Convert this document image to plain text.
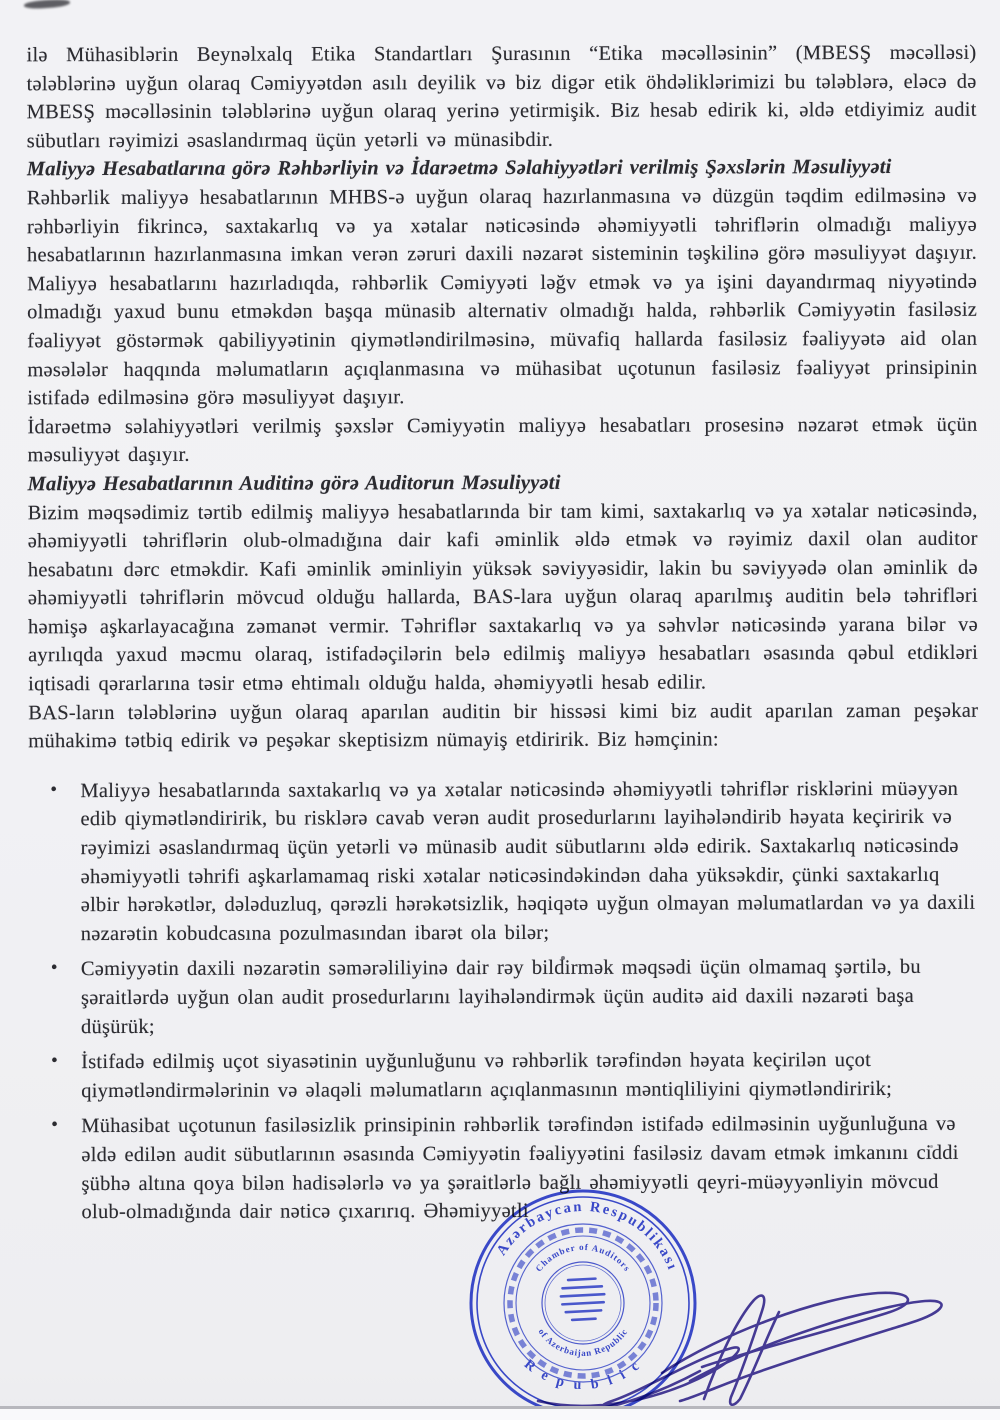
ilə Mühasiblərin Beynəlxalq Etika Standartları Şurasının “Etika məcəlləsinin” (MBESŞ məcəlləsi) tələblərinə uyğun olaraq Cəmiyyətdən asılı deyilik və biz digər etik öhdəliklərimizi bu tələblərə, eləcə də MBESŞ məcəlləsinin tələblərinə uyğun olaraq yerinə yetirmişik. Biz hesab edirik ki, əldə etdiyimiz audit sübutları rəyimizi əsaslandırmaq üçün yetərli və münasibdir.

Maliyyə Hesabatlarına görə Rəhbərliyin və İdarəetmə Səlahiyyətləri verilmiş Şəxslərin Məsuliyyəti

Rəhbərlik maliyyə hesabatlarının MHBS-ə uyğun olaraq hazırlanmasına və düzgün təqdim edilməsinə və rəhbərliyin fikrincə, saxtakarlıq və ya xətalar nəticəsində əhəmiyyətli təhriflərin olmadığı maliyyə hesabatlarının hazırlanmasına imkan verən zəruri daxili nəzarət sisteminin təşkilinə görə məsuliyyət daşıyır. Maliyyə hesabatlarını hazırladıqda, rəhbərlik Cəmiyyəti ləğv etmək və ya işini dayandırmaq niyyətində olmadığı yaxud bunu etməkdən başqa münasib alternativ olmadığı halda, rəhbərlik Cəmiyyətin fasiləsiz fəaliyyət göstərmək qabiliyyətinin qiymətləndirilməsinə, müvafiq hallarda fasiləsiz fəaliyyətə aid olan məsələlər haqqında məlumatların açıqlanmasına və mühasibat uçotunun fasiləsiz fəaliyyət prinsipinin istifadə edilməsinə görə məsuliyyət daşıyır.

İdarəetmə səlahiyyətləri verilmiş şəxslər Cəmiyyətin maliyyə hesabatları prosesinə nəzarət etmək üçün məsuliyyət daşıyır.

Maliyyə Hesabatlarının Auditinə görə Auditorun Məsuliyyəti

Bizim məqsədimiz tərtib edilmiş maliyyə hesabatlarında bir tam kimi, saxtakarlıq və ya xətalar nəticəsində, əhəmiyyətli təhriflərin olub-olmadığına dair kafi əminlik əldə etmək və rəyimiz daxil olan auditor hesabatını dərc etməkdir. Kafi əminlik əminliyin yüksək səviyyəsidir, lakin bu səviyyədə olan əminlik də əhəmiyyətli təhriflərin mövcud olduğu hallarda, BAS-lara uyğun olaraq aparılmış auditin belə təhrifləri həmişə aşkarlayacağına zəmanət vermir. Təhriflər saxtakarlıq və ya səhvlər nəticəsində yarana bilər və ayrılıqda yaxud məcmu olaraq, istifadəçilərin belə edilmiş maliyyə hesabatları əsasında qəbul etdikləri iqtisadi qərarlarına təsir etmə ehtimalı olduğu halda, əhəmiyyətli hesab edilir.

BAS-ların tələblərinə uyğun olaraq aparılan auditin bir hissəsi kimi biz audit aparılan zaman peşəkar mühakimə tətbiq edirik və peşəkar skeptisizm nümayiş etdiririk. Biz həmçinin:

• Maliyyə hesabatlarında saxtakarlıq və ya xətalar nəticəsində əhəmiyyətli təhriflər risklərini müəyyən edib qiymətləndiririk, bu risklərə cavab verən audit prosedurlarını layihələndirib həyata keçiririk və rəyimizi əsaslandırmaq üçün yetərli və münasib audit sübutlarını əldə edirik. Saxtakarlıq nəticəsində əhəmiyyətli təhrifi aşkarlamamaq riski xətalar nəticəsindəkindən daha yüksəkdir, çünki saxtakarlıq əlbir hərəkətlər, dələduzluq, qərəzli hərəkətsizlik, həqiqətə uyğun olmayan məlumatlardan və ya daxili nəzarətin kobudcasına pozulmasından ibarət ola bilər;
• Cəmiyyətin daxili nəzarətin səmərəliliyinə dair rəy bildirmək məqsədi üçün olmamaq şərtilə, bu şəraitlərdə uyğun olan audit prosedurlarını layihələndirmək üçün auditə aid daxili nəzarəti başa düşürük;
• İstifadə edilmiş uçot siyasətinin uyğunluğunu və rəhbərlik tərəfindən həyata keçirilən uçot qiymətləndirmələrinin və əlaqəli məlumatların açıqlanmasının məntiqliliyini qiymətləndiririk;
• Mühasibat uçotunun fasiləsizlik prinsipinin rəhbərlik tərəfindən istifadə edilməsinin uyğunluğuna və əldə edilən audit sübutlarının əsasında Cəmiyyətin fəaliyyətini fasiləsiz davam etmək imkanını ciddi şübhə altına qoya bilən hadisələrlə və ya şəraitlərlə bağlı əhəmiyyətli qeyri-müəyyənliyin mövcud olub-olmadığında dair nəticə çıxarırıq. Əhəmiyyətli
Azərbaycan Respublikası
R e p u b l i c
Chamber of Auditors
of Azerbaijan Republic
